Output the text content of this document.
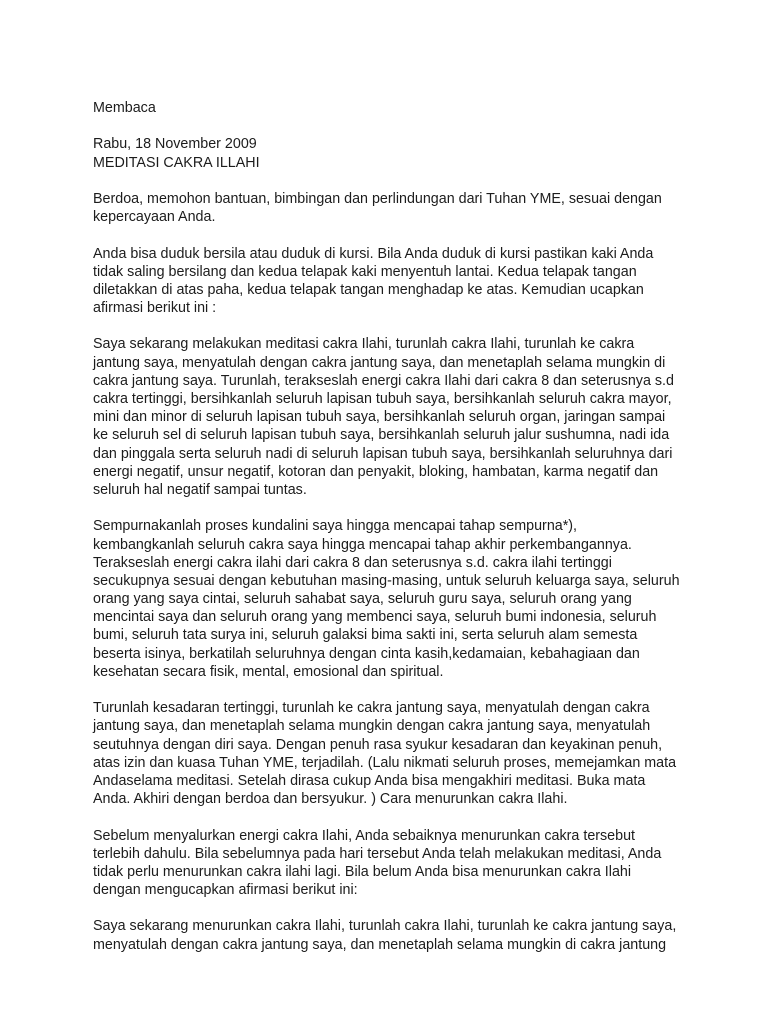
Membaca
Rabu, 18 November 2009
MEDITASI CAKRA ILLAHI
Berdoa, memohon bantuan, bimbingan dan perlindungan dari Tuhan YME, sesuai dengan
kepercayaan Anda.
Anda bisa duduk bersila atau duduk di kursi. Bila Anda duduk di kursi pastikan kaki Anda
tidak saling bersilang dan kedua telapak kaki menyentuh lantai. Kedua telapak tangan
diletakkan di atas paha, kedua telapak tangan menghadap ke atas. Kemudian ucapkan
afirmasi berikut ini :
Saya sekarang melakukan meditasi cakra Ilahi, turunlah cakra Ilahi, turunlah ke cakra
jantung saya, menyatulah dengan cakra jantung saya, dan menetaplah selama mungkin di
cakra jantung saya. Turunlah, terakseslah energi cakra Ilahi dari cakra 8 dan seterusnya s.d
cakra tertinggi, bersihkanlah seluruh lapisan tubuh saya, bersihkanlah seluruh cakra mayor,
mini dan minor di seluruh lapisan tubuh saya, bersihkanlah seluruh organ, jaringan sampai
ke seluruh sel di seluruh lapisan tubuh saya, bersihkanlah seluruh jalur sushumna, nadi ida
dan pinggala serta seluruh nadi di seluruh lapisan tubuh saya, bersihkanlah seluruhnya dari
energi negatif, unsur negatif, kotoran dan penyakit, bloking, hambatan, karma negatif dan
seluruh hal negatif sampai tuntas.
Sempurnakanlah proses kundalini saya hingga mencapai tahap sempurna*),
kembangkanlah seluruh cakra saya hingga mencapai tahap akhir perkembangannya.
Terakseslah energi cakra ilahi dari cakra 8 dan seterusnya s.d. cakra ilahi tertinggi
secukupnya sesuai dengan kebutuhan masing-masing, untuk seluruh keluarga saya, seluruh
orang yang saya cintai, seluruh sahabat saya, seluruh guru saya, seluruh orang yang
mencintai saya dan seluruh orang yang membenci saya, seluruh bumi indonesia, seluruh
bumi, seluruh tata surya ini, seluruh galaksi bima sakti ini, serta seluruh alam semesta
beserta isinya, berkatilah seluruhnya dengan cinta kasih,kedamaian, kebahagiaan dan
kesehatan secara fisik, mental, emosional dan spiritual.
Turunlah kesadaran tertinggi, turunlah ke cakra jantung saya, menyatulah dengan cakra
jantung saya, dan menetaplah selama mungkin dengan cakra jantung saya, menyatulah
seutuhnya dengan diri saya. Dengan penuh rasa syukur kesadaran dan keyakinan penuh,
atas izin dan kuasa Tuhan YME, terjadilah. (Lalu nikmati seluruh proses, memejamkan mata
Andaselama meditasi. Setelah dirasa cukup Anda bisa mengakhiri meditasi. Buka mata
Anda. Akhiri dengan berdoa dan bersyukur. ) Cara menurunkan cakra Ilahi.
Sebelum menyalurkan energi cakra Ilahi, Anda sebaiknya menurunkan cakra tersebut
terlebih dahulu. Bila sebelumnya pada hari tersebut Anda telah melakukan meditasi, Anda
tidak perlu menurunkan cakra ilahi lagi. Bila belum Anda bisa menurunkan cakra Ilahi
dengan mengucapkan afirmasi berikut ini:
Saya sekarang menurunkan cakra Ilahi, turunlah cakra Ilahi, turunlah ke cakra jantung saya,
menyatulah dengan cakra jantung saya, dan menetaplah selama mungkin di cakra jantung
